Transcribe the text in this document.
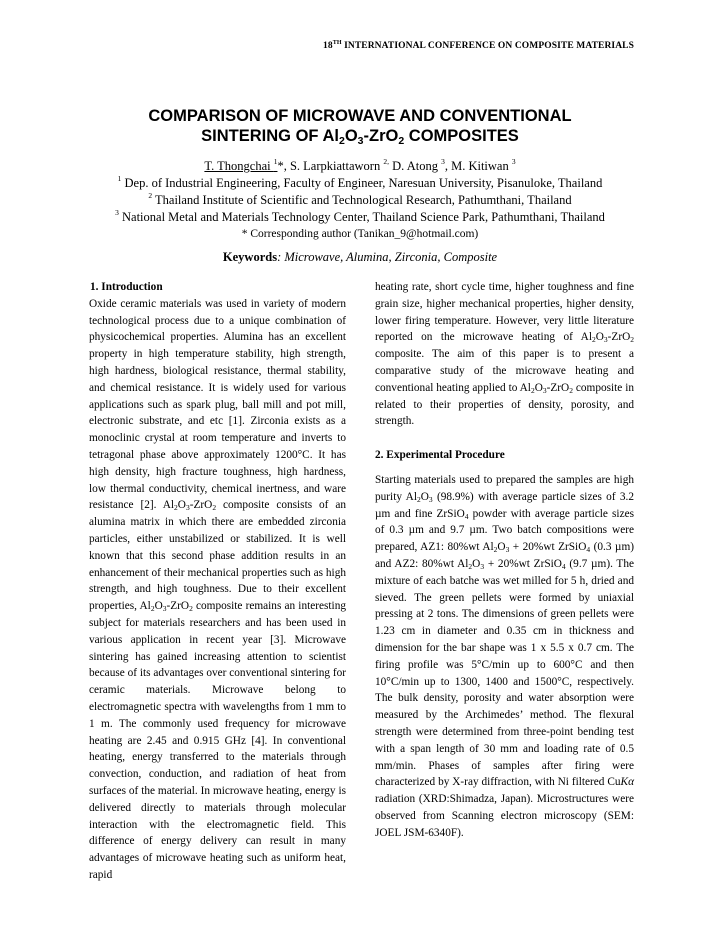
18TH INTERNATIONAL CONFERENCE ON COMPOSITE MATERIALS
COMPARISON OF MICROWAVE AND CONVENTIONAL
SINTERING OF $Al_2O_3-ZrO_2$ COMPOSITES
T. Thongchai $^1$*, S. Larpkiattaworn $^{2,}$ D. Atong $^3$, M. Kitiwan $^3$
$^1$ Dep. of Industrial Engineering, Faculty of Engineer, Naresuan University, Pisanuloke, Thailand
$^2$ Thailand Institute of Scientific and Technological Research, Pathumthani, Thailand
$^3$ National Metal and Materials Technology Center, Thailand Science Park, Pathumthani, Thailand
* Corresponding author (Tanikan_9@hotmail.com)
Keywords: Microwave, Alumina, Zirconia, Composite
1. Introduction

Oxide ceramic materials was used in variety of modern technological process due to a unique combination of physicochemical properties. Alumina has an excellent property in high temperature stability, high strength, high hardness, biological resistance, thermal stability, and chemical resistance. It is widely used for various applications such as spark plug, ball mill and pot mill, electronic substrate, and etc [1]. Zirconia exists as a monoclinic crystal at room temperature and inverts to tetragonal phase above approximately 1200°C. It has high density, high fracture toughness, high hardness, low thermal conductivity, chemical inertness, and ware resistance [2]. $Al_2O_3-ZrO_2$ composite consists of an alumina matrix in which there are embedded zirconia particles, either unstabilized or stabilized. It is well known that this second phase addition results in an enhancement of their mechanical properties such as high strength, and high toughness. Due to their excellent properties, $Al_2O_3-ZrO_2$ composite remains an interesting subject for materials researchers and has been used in various application in recent year [3]. Microwave sintering has gained increasing attention to scientist because of its advantages over conventional sintering for ceramic materials. Microwave belong to electromagnetic spectra with wavelengths from 1 mm to 1 m. The commonly used frequency for microwave heating are 2.45 and 0.915 GHz [4]. In conventional heating, energy transferred to the materials through convection, conduction, and radiation of heat from surfaces of the material. In microwave heating, energy is delivered directly to materials through molecular interaction with the electromagnetic field. This difference of energy delivery can result in many advantages of microwave heating such as uniform heat, rapid

heating rate, short cycle time, higher toughness and fine grain size, higher mechanical properties, higher density, lower firing temperature. However, very little literature reported on the microwave heating of $Al_2O_3-ZrO_2$ composite. The aim of this paper is to present a comparative study of the microwave heating and conventional heating applied to $Al_2O_3-ZrO_2$ composite in related to their properties of density, porosity, and strength.

2. Experimental Procedure

Starting materials used to prepared the samples are high purity $Al_2O_3$ (98.9%) with average particle sizes of 3.2 µm and fine ZrSiO$_4$ powder with average particle sizes of 0.3 µm and 9.7 µm. Two batch compositions were prepared, AZ1: 80%wt $Al_2O_3 + 20\%wt$ ZrSiO$_4$ (0.3 µm) and AZ2: 80%wt $Al_2O_3 + 20\%wt$ ZrSiO$_4$ (9.7 µm). The mixture of each batche was wet milled for 5 h, dried and sieved. The green pellets were formed by uniaxial pressing at 2 tons. The dimensions of green pellets were 1.23 cm in diameter and 0.35 cm in thickness and dimension for the bar shape was 1 x 5.5 x 0.7 cm. The firing profile was 5°C/min up to 600°C and then 10°C/min up to 1300, 1400 and 1500°C, respectively. The bulk density, porosity and water absorption were measured by the Archimedes’ method. The flexural strength were determined from three-point bending test with a span length of 30 mm and loading rate of 0.5 mm/min. Phases of samples after firing were characterized by X-ray diffraction, with Ni filtered CuKα radiation (XRD:Shimadza, Japan). Microstructures were observed from Scanning electron microscopy (SEM: JOEL JSM-6340F).
